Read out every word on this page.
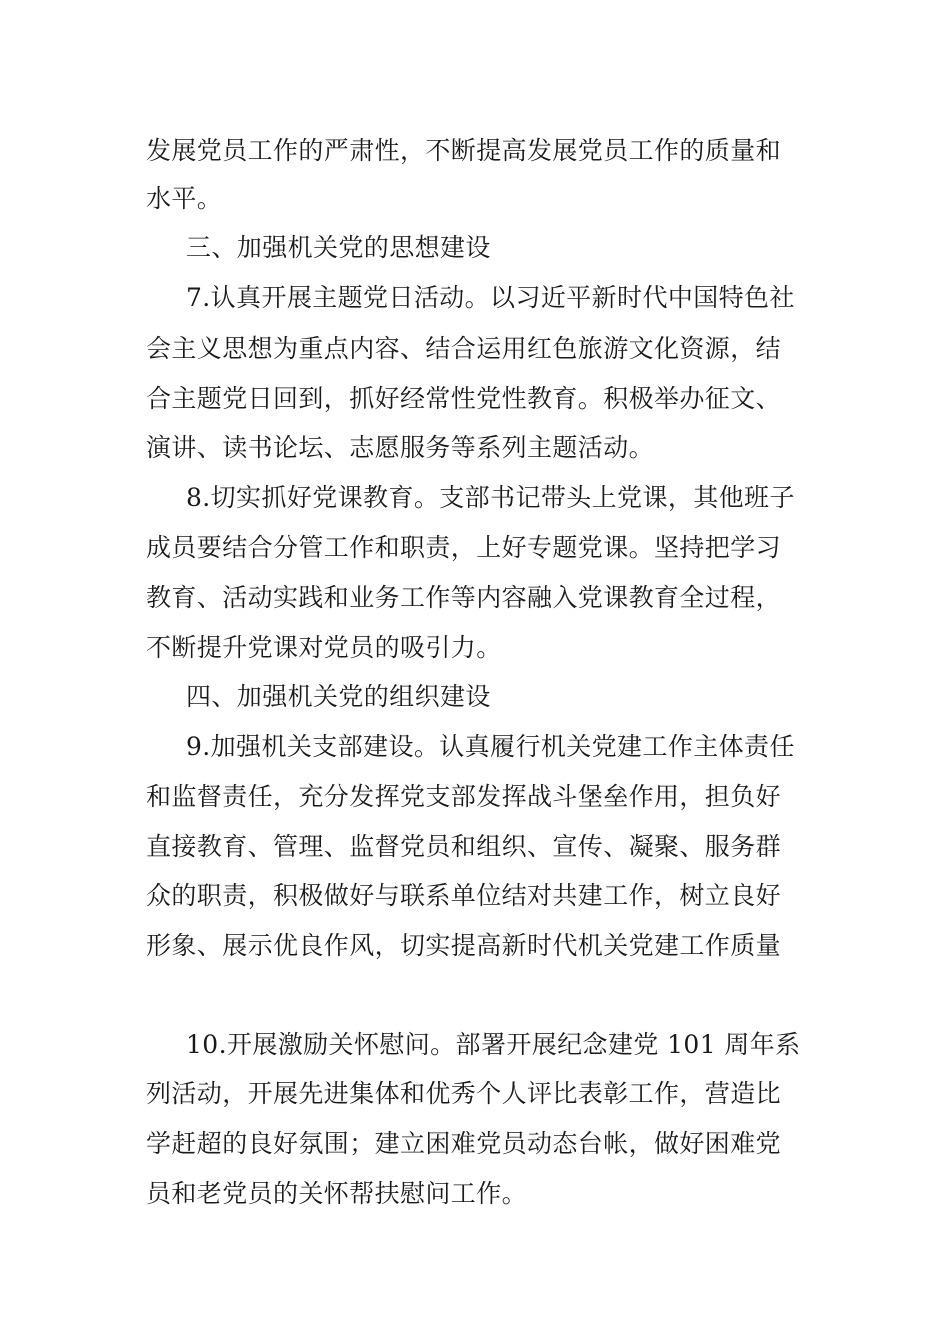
发展党员工作的严肃性，不断提高发展党员工作的质量和
水平。
三、加强机关党的思想建设
7.认真开展主题党日活动。以习近平新时代中国特色社
会主义思想为重点内容、结合运用红色旅游文化资源，结
合主题党日回到，抓好经常性党性教育。积极举办征文、
演讲、读书论坛、志愿服务等系列主题活动。
8.切实抓好党课教育。支部书记带头上党课，其他班子
成员要结合分管工作和职责，上好专题党课。坚持把学习
教育、活动实践和业务工作等内容融入党课教育全过程，
不断提升党课对党员的吸引力。
四、加强机关党的组织建设
9.加强机关支部建设。认真履行机关党建工作主体责任
和监督责任，充分发挥党支部发挥战斗堡垒作用，担负好
直接教育、管理、监督党员和组织、宣传、凝聚、服务群
众的职责，积极做好与联系单位结对共建工作，树立良好
形象、展示优良作风，切实提高新时代机关党建工作质量
10.开展激励关怀慰问。部署开展纪念建党 101 周年系
列活动，开展先进集体和优秀个人评比表彰工作，营造比
学赶超的良好氛围；建立困难党员动态台帐，做好困难党
员和老党员的关怀帮扶慰问工作。
